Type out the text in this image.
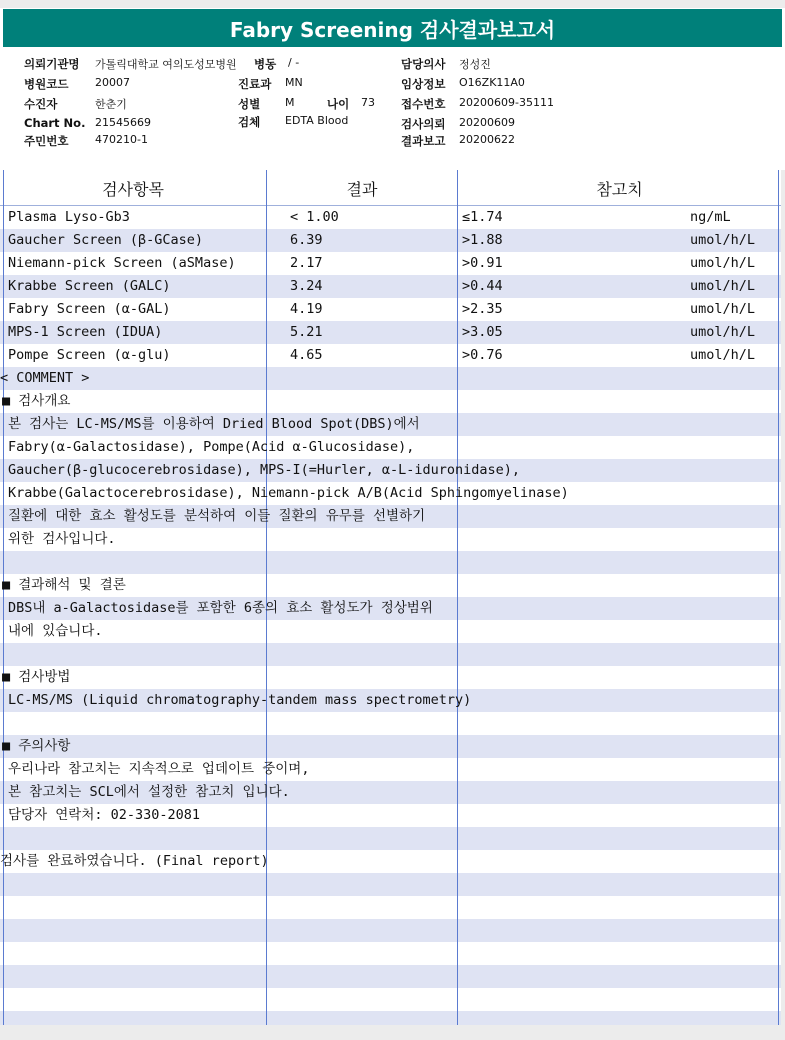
Fabry Screening 검사결과보고서
의뢰기관명 가톨릭대학교 여의도성모병원
병원코드 20007
수진자	한춘기
Chart No. 21545669
주민번호 470210-1
병동 / -
진료과 MN
성별 M	나이 73
검체 EDTA Blood
담당의사 정성진
임상정보 O16ZK11A0
접수번호 20200609-35111
검사의뢰 20200609
결과보고 20200622
검사항목	결과	참고치
Plasma Lyso-Gb3	< 1.00	≤1.74	ng/mL
Gaucher Screen (β-GCase)	6.39	>1.88	umol/h/L
Niemann-pick Screen (aSMase)	2.17	>0.91	umol/h/L
Krabbe Screen (GALC)	3.24	>0.44	umol/h/L
Fabry Screen (α-GAL)	4.19	>2.35	umol/h/L
MPS-1 Screen (IDUA)	5.21	>3.05	umol/h/L
Pompe Screen (α-glu)	4.65	>0.76	umol/h/L
< COMMENT >
■ 검사개요
본 검사는 LC-MS/MS를 이용하여 Dried Blood Spot(DBS)에서
Fabry(α-Galactosidase), Pompe(Acid α-Glucosidase),
Gaucher(β-glucocerebrosidase), MPS-I(=Hurler, α-L-iduronidase),
Krabbe(Galactocerebrosidase), Niemann-pick A/B(Acid Sphingomyelinase)
질환에 대한 효소 활성도를 분석하여 이들 질환의 유무를 선별하기
위한 검사입니다.
■ 결과해석 및 결론
DBS내 a-Galactosidase를 포함한 6종의 효소 활성도가 정상범위
내에 있습니다.
■ 검사방법
LC-MS/MS (Liquid chromatography-tandem mass spectrometry)
■ 주의사항
우리나라 참고치는 지속적으로 업데이트 중이며,
본 참고치는 SCL에서 설정한 참고치 입니다.
담당자 연락처: 02-330-2081
검사를 완료하였습니다. (Final report)
